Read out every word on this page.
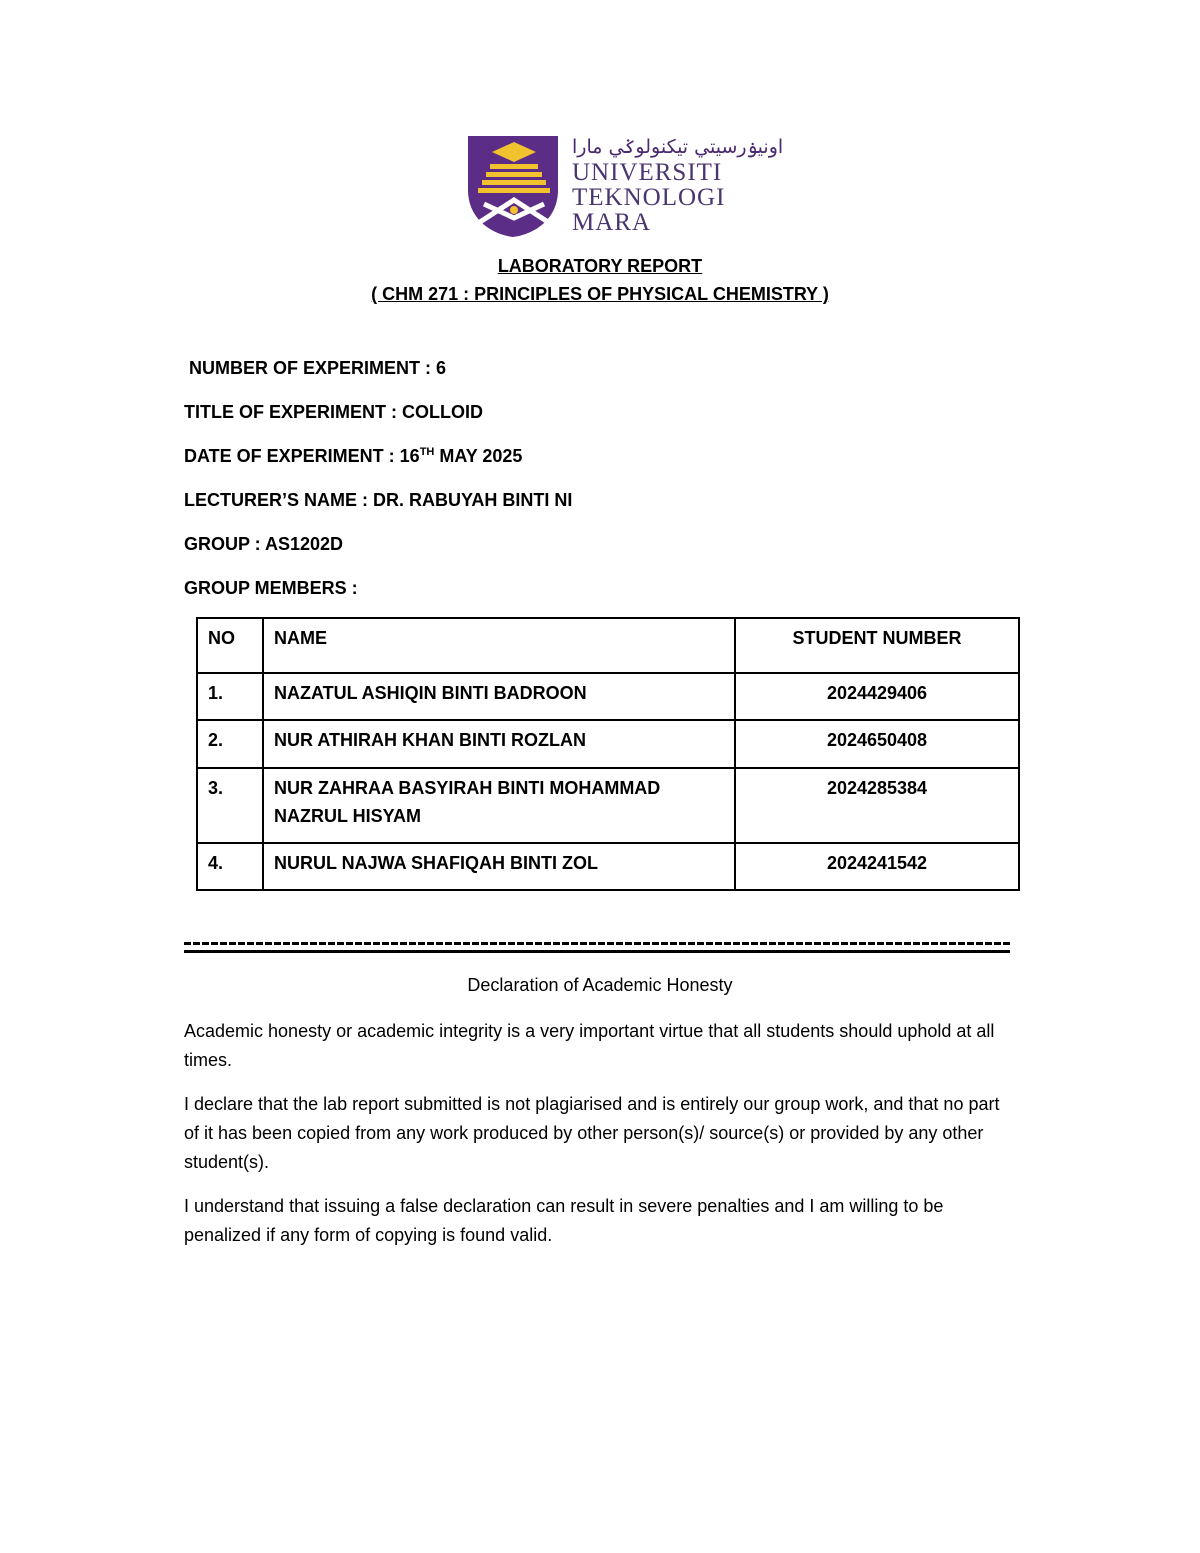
اونيۏرسيتي تيكنولوݢي مارا
UNIVERSITI
TEKNOLOGI
MARA
LABORATORY REPORT
( CHM 271 : PRINCIPLES OF PHYSICAL CHEMISTRY )
NUMBER OF EXPERIMENT : 6
TITLE OF EXPERIMENT : COLLOID
DATE OF EXPERIMENT : 16TH MAY 2025
LECTURER’S NAME : DR. RABUYAH BINTI NI
GROUP : AS1202D
GROUP MEMBERS :
NO	NAME	STUDENT NUMBER
1.	NAZATUL ASHIQIN BINTI BADROON	2024429406
2.	NUR ATHIRAH KHAN BINTI ROZLAN	2024650408
3.	NUR ZAHRAA BASYIRAH BINTI MOHAMMAD NAZRUL HISYAM	2024285384
4.	NURUL NAJWA SHAFIQAH BINTI ZOL	2024241542
Declaration of Academic Honesty
Academic honesty or academic integrity is a very important virtue that all students should uphold at all times.
I declare that the lab report submitted is not plagiarised and is entirely our group work, and that no part of it has been copied from any work produced by other person(s)/ source(s) or provided by any other student(s).
I understand that issuing a false declaration can result in severe penalties and I am willing to be penalized if any form of copying is found valid.
